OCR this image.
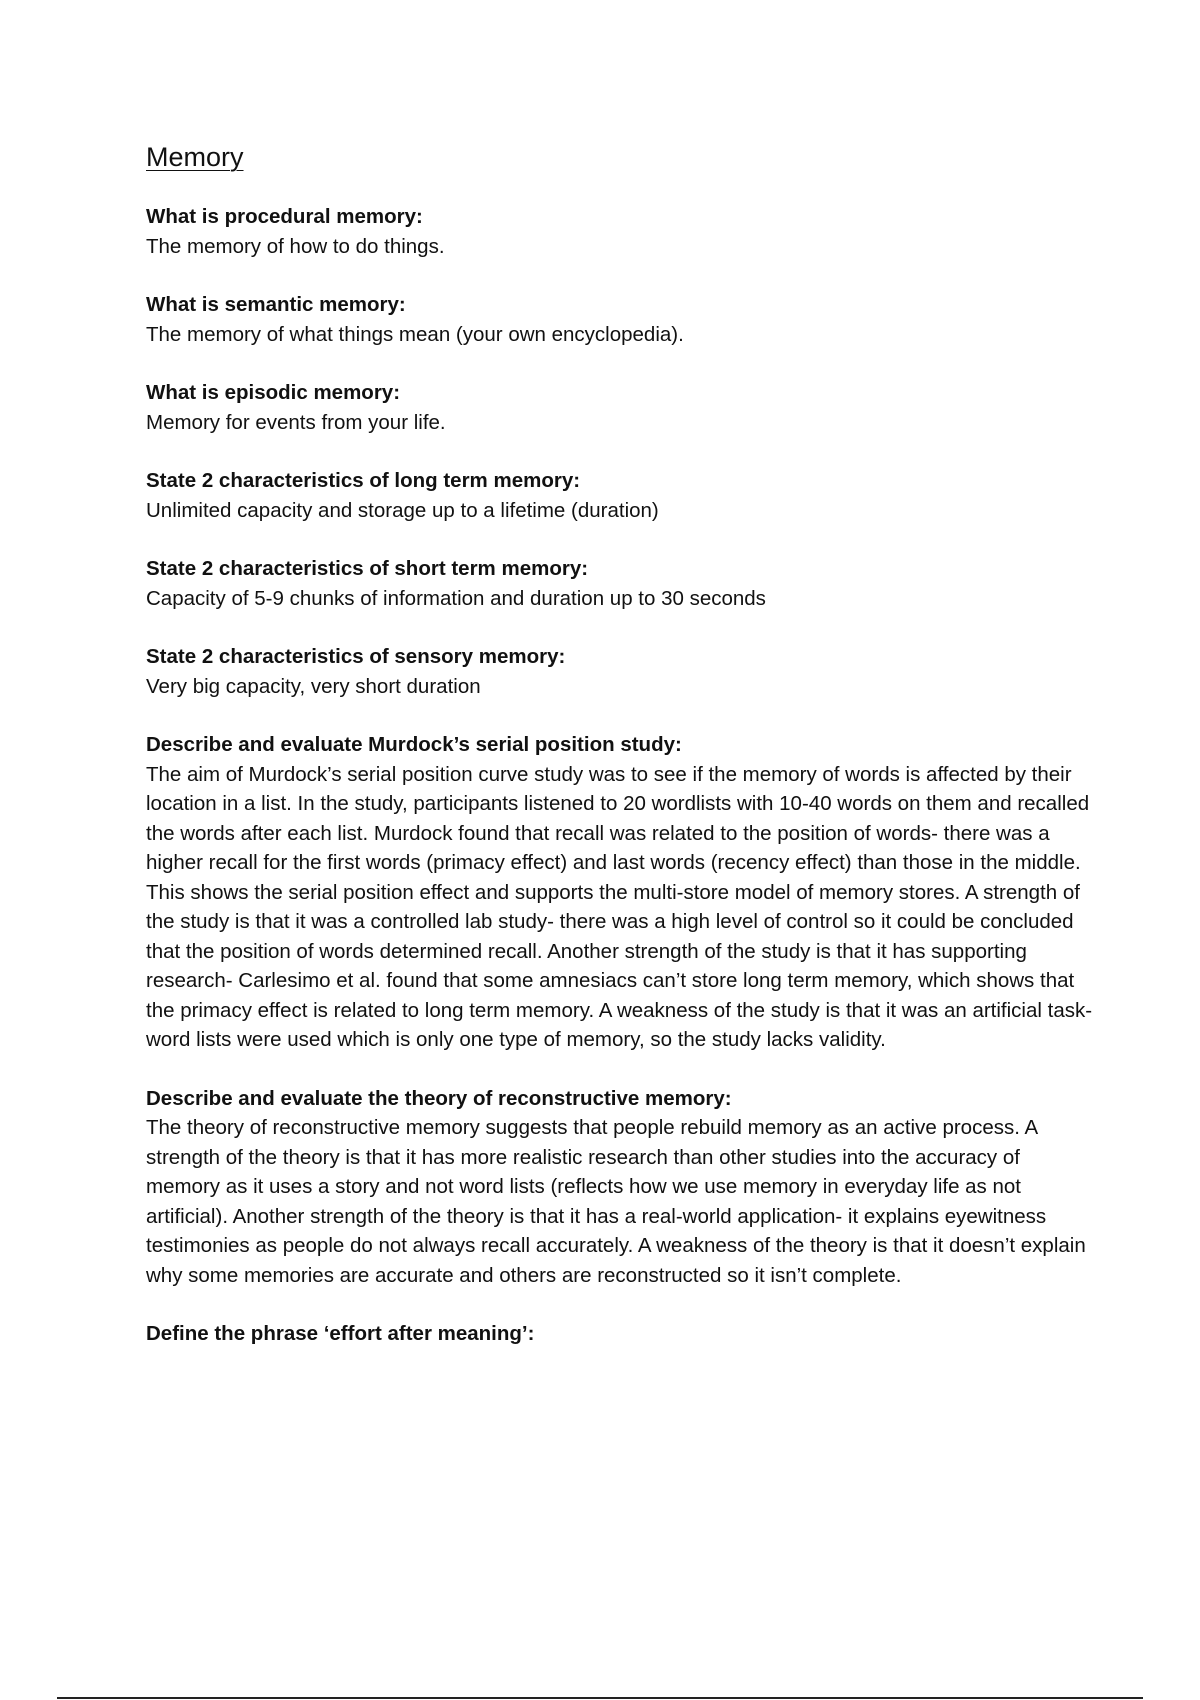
Memory

What is procedural memory:

The memory of how to do things.

What is semantic memory:

The memory of what things mean (your own encyclopedia).

What is episodic memory:

Memory for events from your life.

State 2 characteristics of long term memory:

Unlimited capacity and storage up to a lifetime (duration)

State 2 characteristics of short term memory:

Capacity of 5-9 chunks of information and duration up to 30 seconds

State 2 characteristics of sensory memory:

Very big capacity, very short duration

Describe and evaluate Murdock’s serial position study:

The aim of Murdock’s serial position curve study was to see if the memory of words is affected by their location in a list. In the study, participants listened to 20 wordlists with 10-40 words on them and recalled the words after each list. Murdock found that recall was related to the position of words- there was a higher recall for the first words (primacy effect) and last words (recency effect) than those in the middle. This shows the serial position effect and supports the multi-store model of memory stores. A strength of the study is that it was a controlled lab study- there was a high level of control so it could be concluded that the position of words determined recall. Another strength of the study is that it has supporting research- Carlesimo et al. found that some amnesiacs can’t store long term memory, which shows that the primacy effect is related to long term memory. A weakness of the study is that it was an artificial task- word lists were used which is only one type of memory, so the study lacks validity.

Describe and evaluate the theory of reconstructive memory:

The theory of reconstructive memory suggests that people rebuild memory as an active process. A strength of the theory is that it has more realistic research than other studies into the accuracy of memory as it uses a story and not word lists (reflects how we use memory in everyday life as not artificial). Another strength of the theory is that it has a real-world application- it explains eyewitness testimonies as people do not always recall accurately. A weakness of the theory is that it doesn’t explain why some memories are accurate and others are reconstructed so it isn’t complete.

Define the phrase ‘effort after meaning’:
